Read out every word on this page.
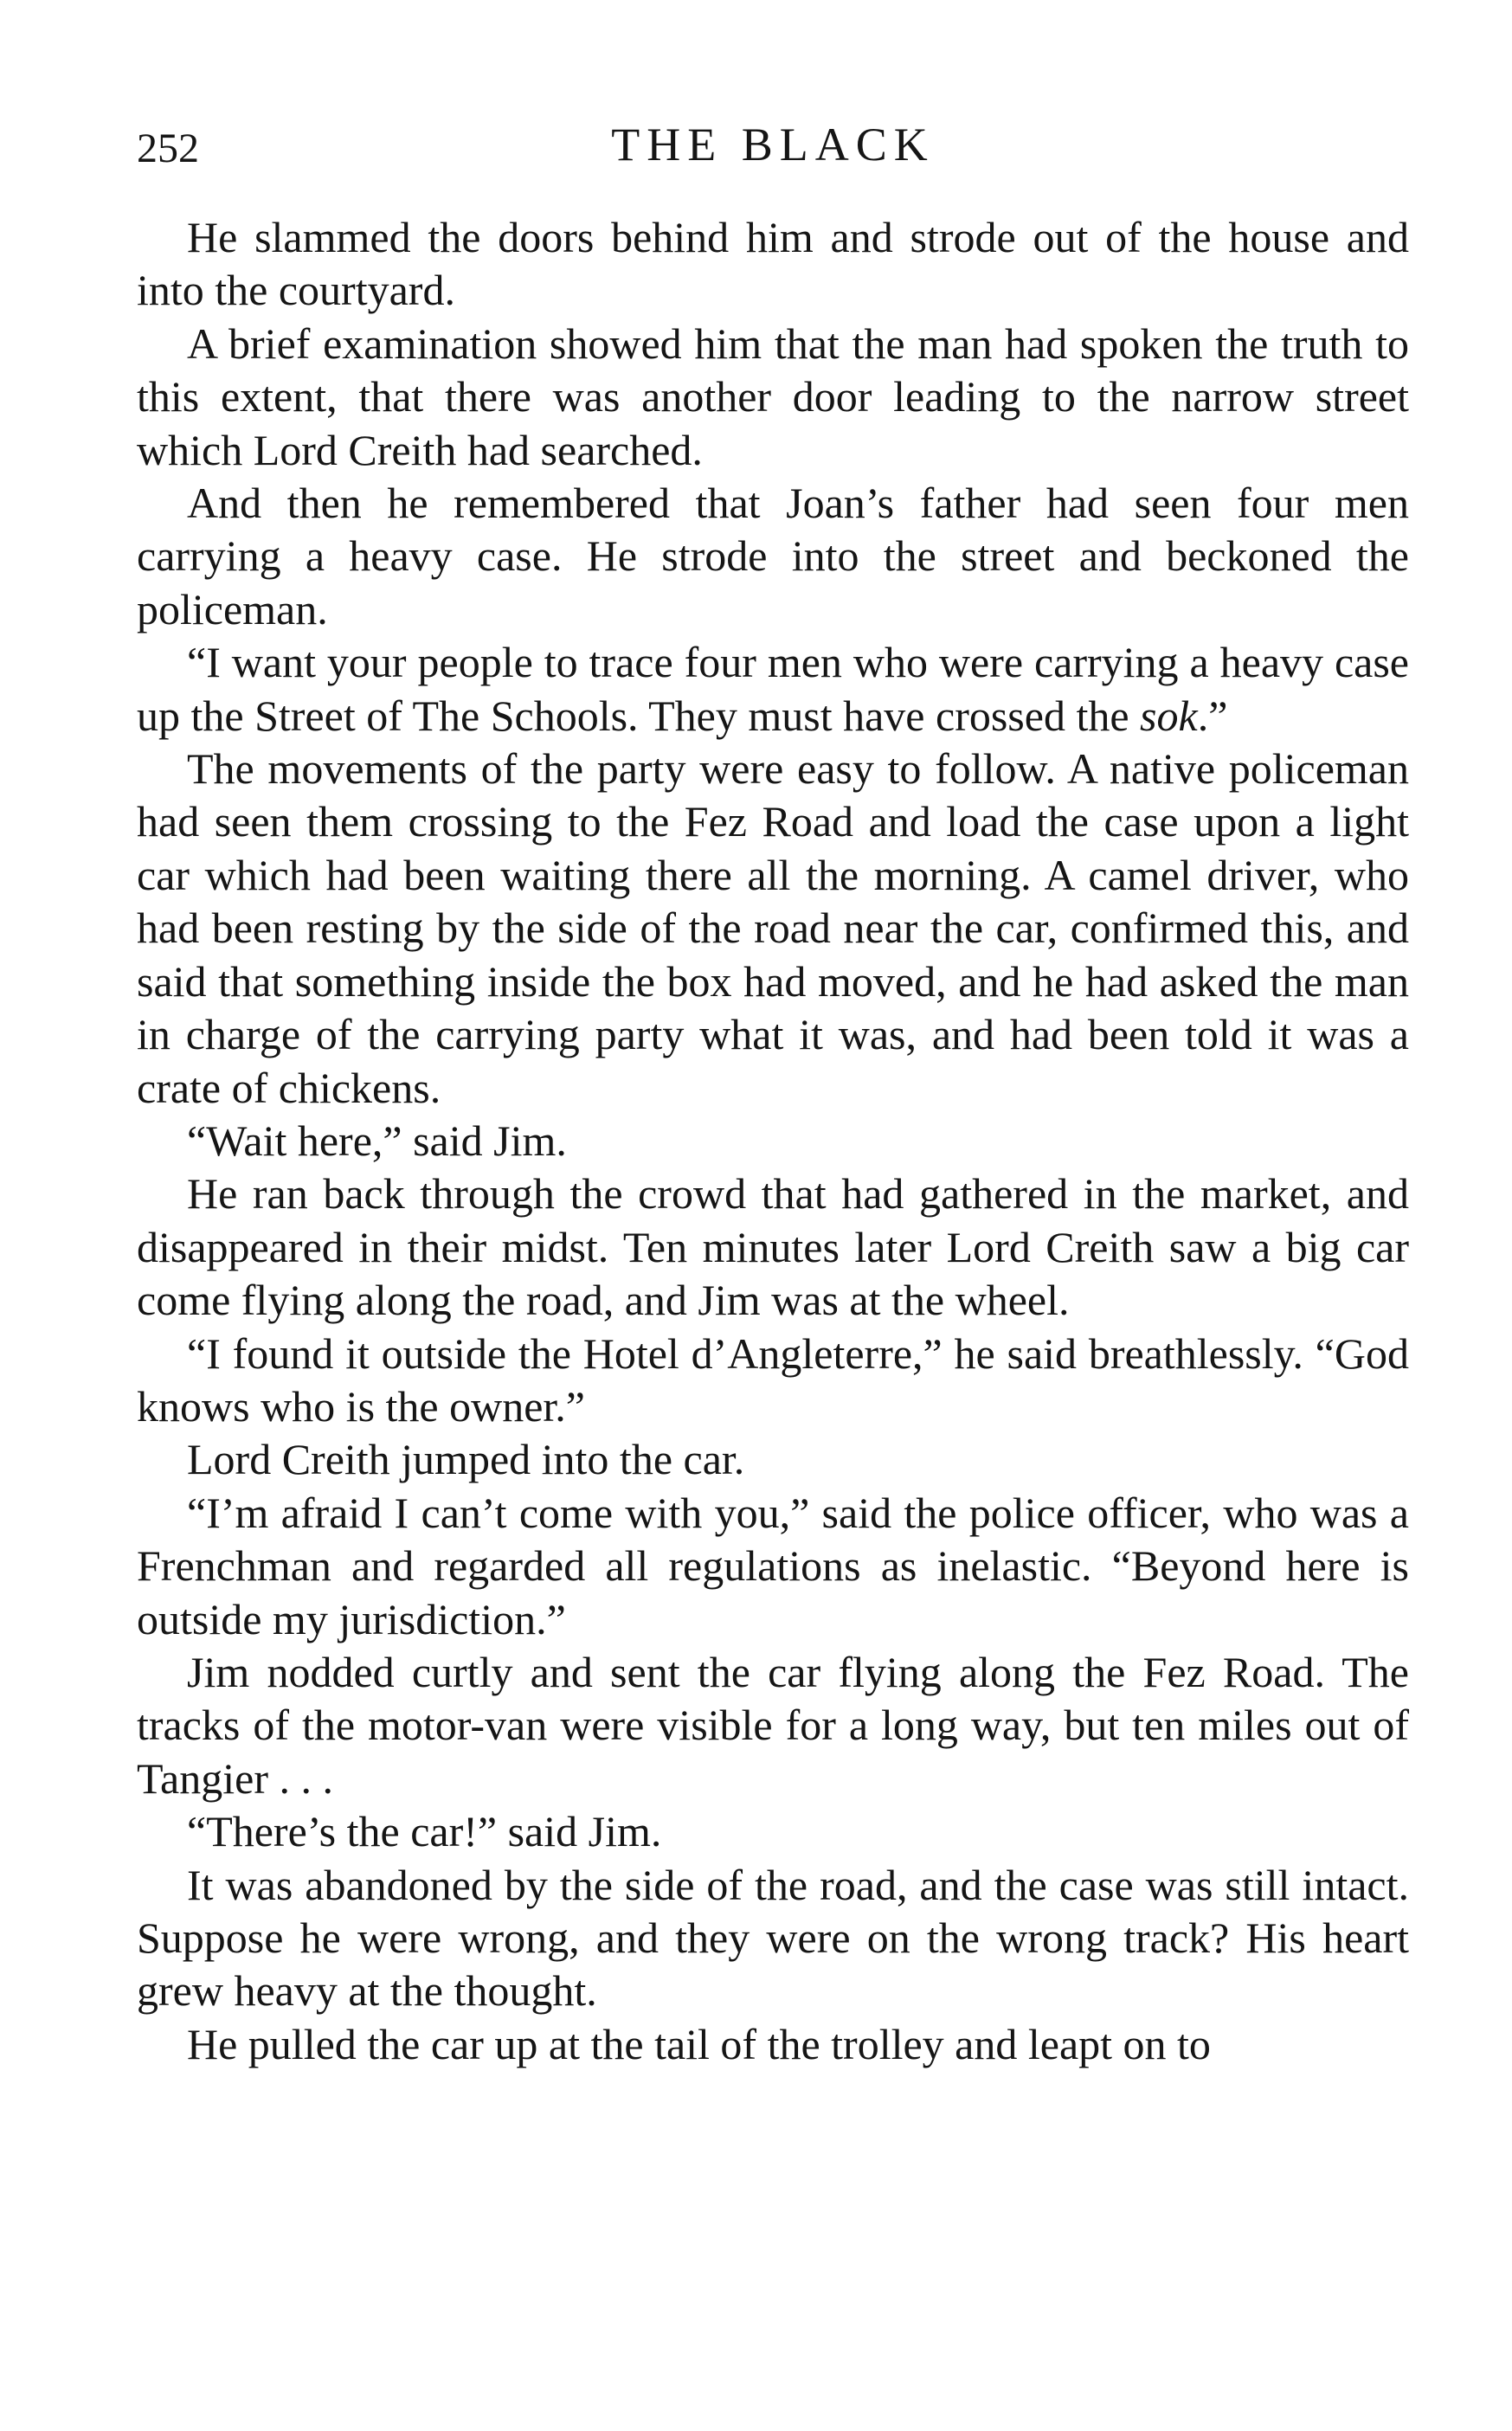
252	THE BLACK

He slammed the doors behind him and strode out of the house and into the courtyard.

A brief examination showed him that the man had spoken the truth to this extent, that there was another door leading to the narrow street which Lord Creith had searched.

And then he remembered that Joan’s father had seen four men carrying a heavy case. He strode into the street and beckoned the policeman.

“I want your people to trace four men who were carrying a heavy case up the Street of The Schools. They must have crossed the sok.”

The movements of the party were easy to follow. A native policeman had seen them crossing to the Fez Road and load the case upon a light car which had been waiting there all the morning. A camel driver, who had been resting by the side of the road near the car, confirmed this, and said that something inside the box had moved, and he had asked the man in charge of the carrying party what it was, and had been told it was a crate of chickens.

“Wait here,” said Jim.

He ran back through the crowd that had gathered in the market, and disappeared in their midst. Ten minutes later Lord Creith saw a big car come flying along the road, and Jim was at the wheel.

“I found it outside the Hotel d’Angleterre,” he said breathlessly. “God knows who is the owner.”

Lord Creith jumped into the car.

“I’m afraid I can’t come with you,” said the police officer, who was a Frenchman and regarded all regulations as inelastic. “Beyond here is outside my jurisdiction.”

Jim nodded curtly and sent the car flying along the Fez Road. The tracks of the motor-van were visible for a long way, but ten miles out of Tangier . . .

“There’s the car!” said Jim.

It was abandoned by the side of the road, and the case was still intact. Suppose he were wrong, and they were on the wrong track? His heart grew heavy at the thought.

He pulled the car up at the tail of the trolley and leapt on to
